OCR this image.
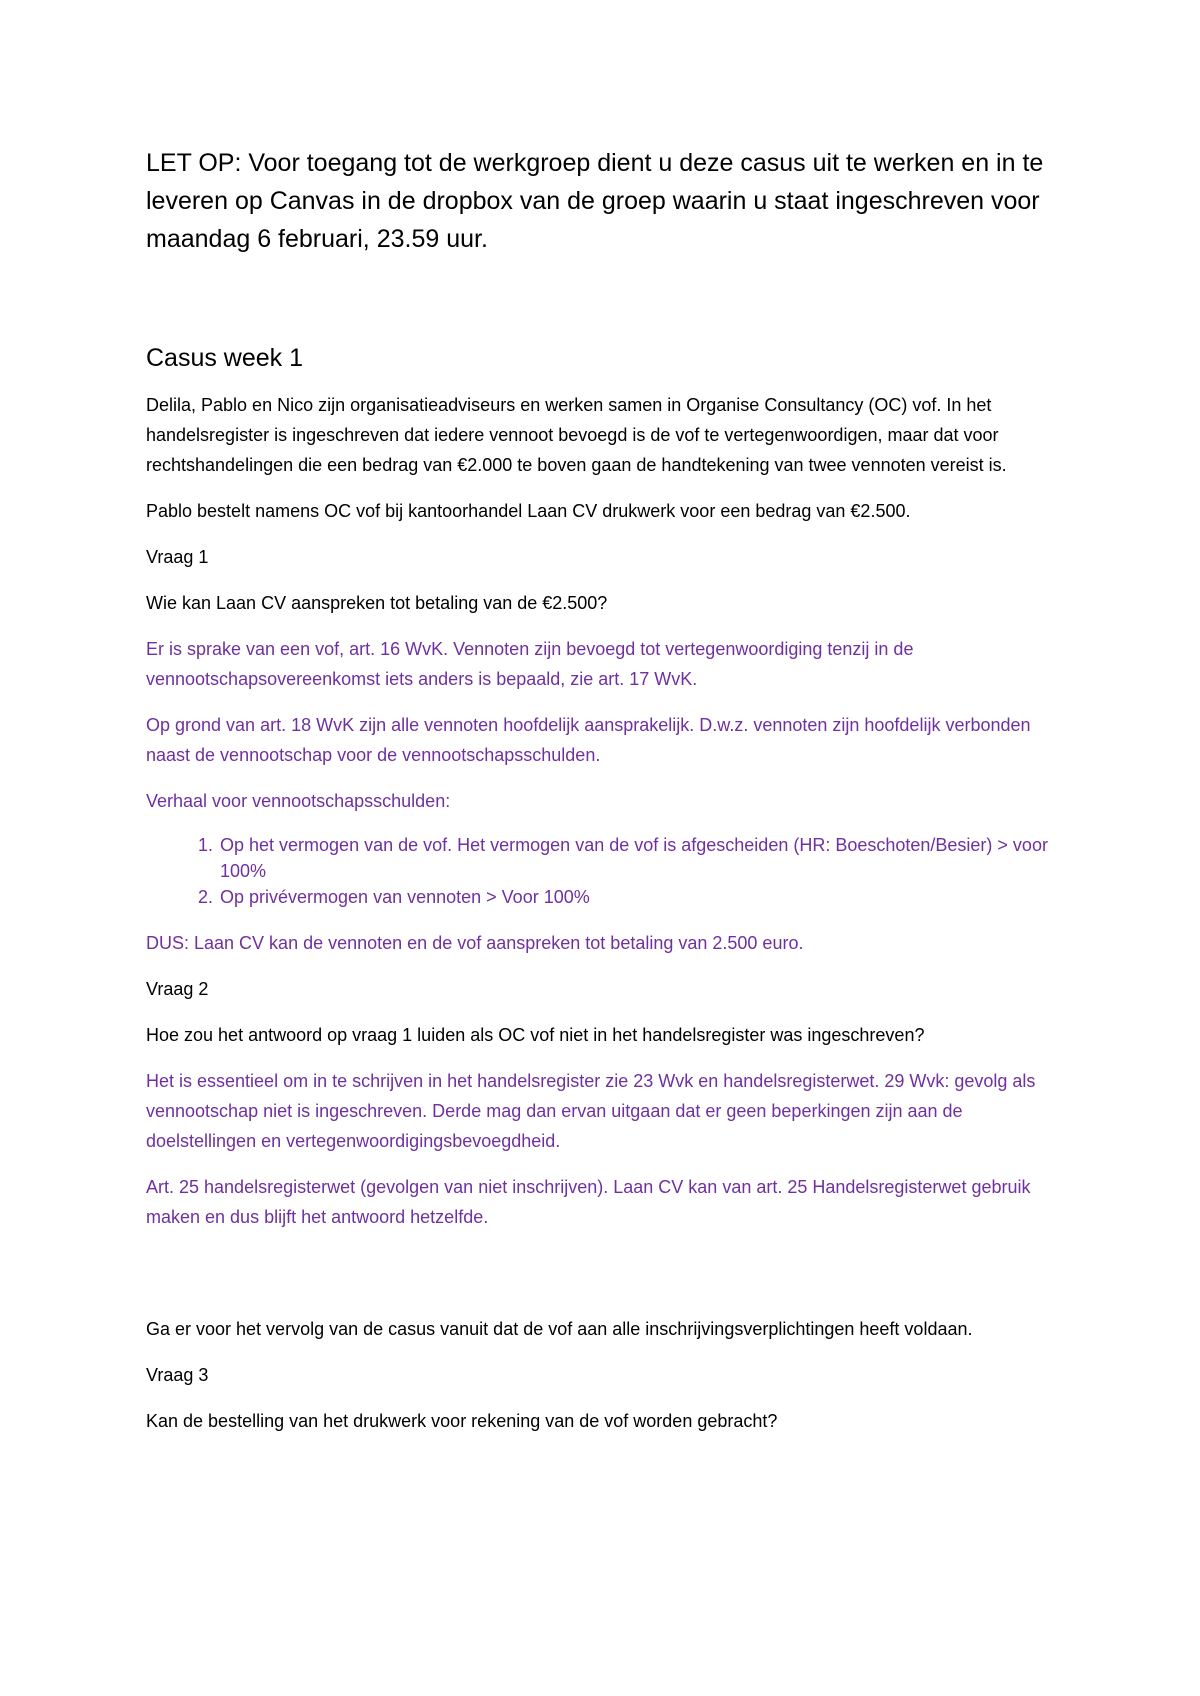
LET OP: Voor toegang tot de werkgroep dient u deze casus uit te werken en in te leveren op Canvas in de dropbox van de groep waarin u staat ingeschreven voor maandag 6 februari, 23.59 uur.

Casus week 1

Delila, Pablo en Nico zijn organisatieadviseurs en werken samen in Organise Consultancy (OC) vof. In het handelsregister is ingeschreven dat iedere vennoot bevoegd is de vof te vertegenwoordigen, maar dat voor rechtshandelingen die een bedrag van €2.000 te boven gaan de handtekening van twee vennoten vereist is.

Pablo bestelt namens OC vof bij kantoorhandel Laan CV drukwerk voor een bedrag van €2.500.

Vraag 1

Wie kan Laan CV aanspreken tot betaling van de €2.500?

Er is sprake van een vof, art. 16 WvK. Vennoten zijn bevoegd tot vertegenwoordiging tenzij in de vennootschapsovereenkomst iets anders is bepaald, zie art. 17 WvK.

Op grond van art. 18 WvK zijn alle vennoten hoofdelijk aansprakelijk. D.w.z. vennoten zijn hoofdelijk verbonden naast de vennootschap voor de vennootschapsschulden.

Verhaal voor vennootschapsschulden:

1. Op het vermogen van de vof. Het vermogen van de vof is afgescheiden (HR: Boeschoten/Besier) > voor 100%
2. Op privévermogen van vennoten > Voor 100%

DUS: Laan CV kan de vennoten en de vof aanspreken tot betaling van 2.500 euro.

Vraag 2

Hoe zou het antwoord op vraag 1 luiden als OC vof niet in het handelsregister was ingeschreven?

Het is essentieel om in te schrijven in het handelsregister zie 23 Wvk en handelsregisterwet. 29 Wvk: gevolg als vennootschap niet is ingeschreven. Derde mag dan ervan uitgaan dat er geen beperkingen zijn aan de doelstellingen en vertegenwoordigingsbevoegdheid.

Art. 25 handelsregisterwet (gevolgen van niet inschrijven). Laan CV kan van art. 25 Handelsregisterwet gebruik maken en dus blijft het antwoord hetzelfde.

Ga er voor het vervolg van de casus vanuit dat de vof aan alle inschrijvingsverplichtingen heeft voldaan.

Vraag 3

Kan de bestelling van het drukwerk voor rekening van de vof worden gebracht?
